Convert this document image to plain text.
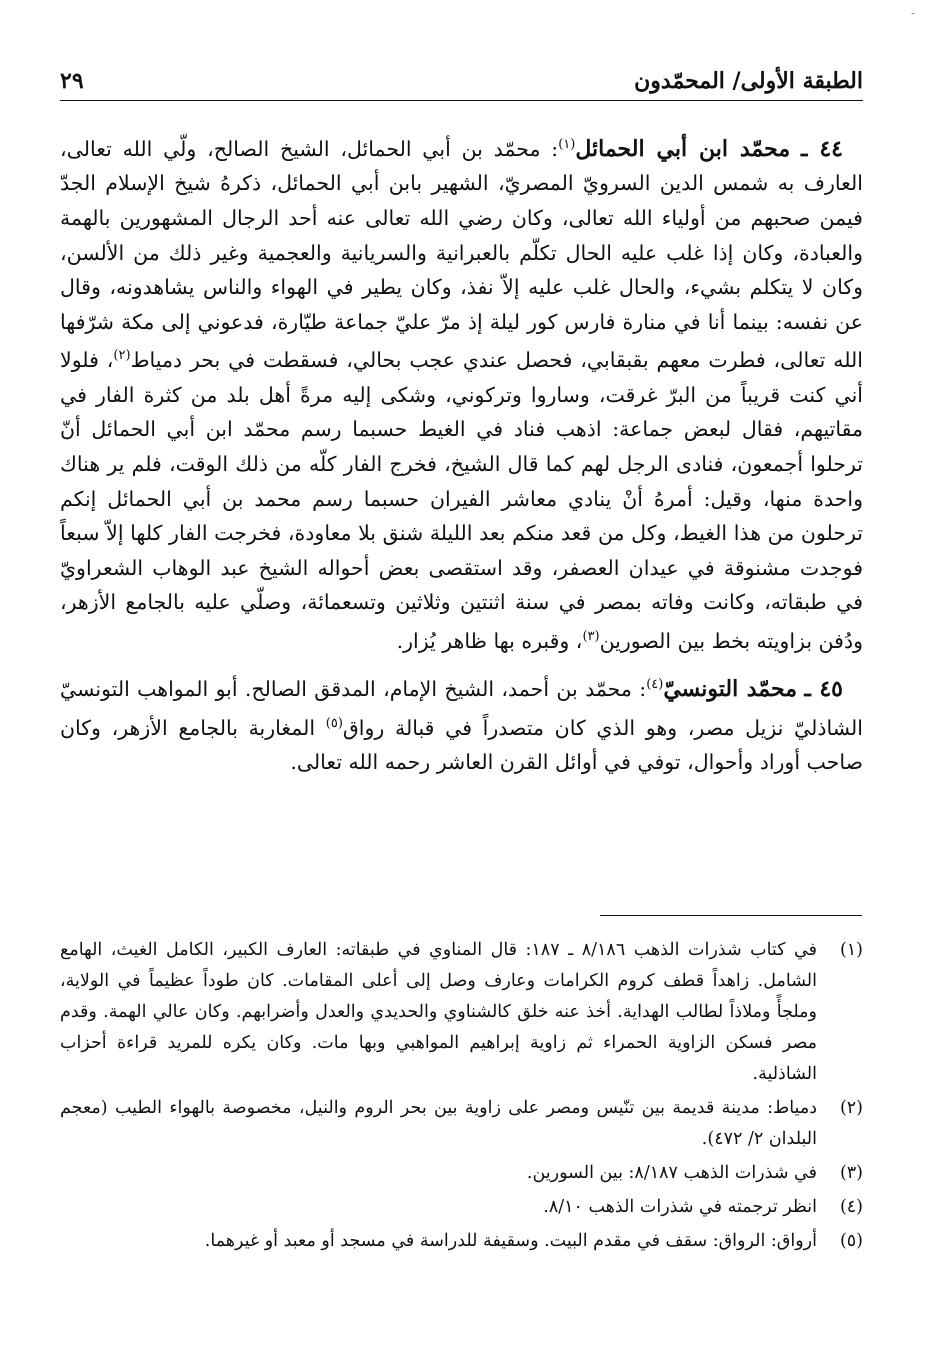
-
الطبقة الأولى/ المحمّدون
٢٩

٤٤ ـ محمّد ابن أبي الحمائل$^{(١)}$: محمّد بن أبي الحمائل، الشيخ الصالح، ولّي الله تعالى، العارف به شمس الدين السرويّ المصريّ، الشهير بابن أبي الحمائل، ذكرهُ شيخ الإسلام الجدّ فيمن صحبهم من أولياء الله تعالى، وكان رضي الله تعالى عنه أحد الرجال المشهورين بالهمة والعبادة، وكان إذا غلب عليه الحال تكلّم بالعبرانية والسريانية والعجمية وغير ذلك من الألسن، وكان لا يتكلم بشيء، والحال غلب عليه إلاّ نفذ، وكان يطير في الهواء والناس يشاهدونه، وقال عن نفسه: بينما أنا في منارة فارس كور ليلة إذ مرّ عليّ جماعة طيّارة، فدعوني إلى مكة شرّفها الله تعالى، فطرت معهم بقبقابي، فحصل عندي عجب بحالي، فسقطت في بحر دمياط$^{(٢)}$، فلولا أني كنت قريباً من البرّ غرقت، وساروا وتركوني، وشكى إليه مرةً أهل بلد من كثرة الفار في مقاتيهم، فقال لبعض جماعة: اذهب فناد في الغيط حسبما رسم محمّد ابن أبي الحمائل أنّ ترحلوا أجمعون، فنادى الرجل لهم كما قال الشيخ، فخرج الفار كلّه من ذلك الوقت، فلم ير هناك واحدة منها، وقيل: أمرهُ أنْ ينادي معاشر الفيران حسبما رسم محمد بن أبي الحمائل إنكم ترحلون من هذا الغيط، وكل من قعد منكم بعد الليلة شنق بلا معاودة، فخرجت الفار كلها إلاّ سبعاً فوجدت مشنوقة في عيدان العصفر، وقد استقصى بعض أحواله الشيخ عبد الوهاب الشعراويّ في طبقاته، وكانت وفاته بمصر في سنة اثنتين وثلاثين وتسعمائة، وصلّي عليه بالجامع الأزهر، ودُفن بزاويته بخط بين الصورين$^{(٣)}$، وقبره بها ظاهر يُزار.

٤٥ ـ محمّد التونسيّ$^{(٤)}$: محمّد بن أحمد، الشيخ الإمام، المدقق الصالح. أبو المواهب التونسيّ الشاذليّ نزيل مصر، وهو الذي كان متصدراً في قبالة رواق$^{(٥)}$ المغاربة بالجامع الأزهر، وكان صاحب أوراد وأحوال، توفي في أوائل القرن العاشر رحمه الله تعالى.

(١)
في كتاب شذرات الذهب ٨/١٨٦ ـ ١٨٧: قال المناوي في طبقاته: العارف الكبير، الكامل الغيث، الهامع الشامل. زاهداً قطف كروم الكرامات وعارف وصل إلى أعلى المقامات. كان طوداً عظيماً في الولاية، وملجأً وملاذاً لطالب الهداية. أخذ عنه خلق كالشناوي والحديدي والعدل وأضرابهم. وكان عالي الهمة. وقدم مصر فسكن الزاوية الحمراء ثم زاوية إبراهيم المواهبي وبها مات. وكان يكره للمريد قراءة أحزاب الشاذلية.
(٢)
دمياط: مدينة قديمة بين تنّيس ومصر على زاوية بين بحر الروم والنيل، مخصوصة بالهواء الطيب (معجم البلدان ٢/ ٤٧٢).
(٣)
في شذرات الذهب ٨/١٨٧: بين السورين.
(٤)
انظر ترجمته في شذرات الذهب ٨/١٠.
(٥)
أرواق: الرواق: سقف في مقدم البيت. وسقيفة للدراسة في مسجد أو معبد أو غيرهما.
